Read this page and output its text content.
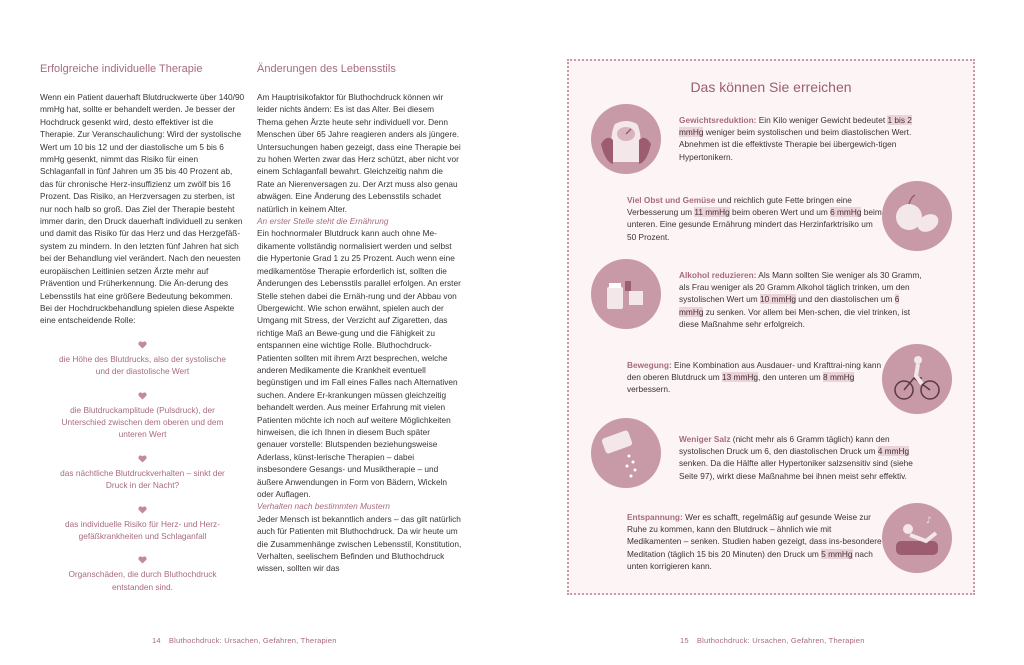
Erfolgreiche individuelle Therapie

Wenn ein Patient dauerhaft Blutdruckwerte über 140/90 mmHg hat, sollte er behandelt werden. Je besser der Hochdruck gesenkt wird, desto effektiver ist die Therapie. Zur Veranschaulichung: Wird der systolische Wert um 10 bis 12 und der diastolische um 5 bis 6 mmHg gesenkt, nimmt das Risiko für einen Schlaganfall in fünf Jahren um 35 bis 40 Prozent ab, das für chronische Herz-insuffizienz um zwölf bis 16 Prozent. Das Risiko, an Herzversagen zu sterben, ist nur noch halb so groß. Das Ziel der Therapie besteht immer darin, den Druck dauerhaft individuell zu senken und damit das Risiko für das Herz und das Herzgefäß-system zu mindern. In den letzten fünf Jahren hat sich bei der Behandlung viel verändert. Nach den neuesten europäischen Leitlinien setzen Ärzte mehr auf Prävention und Früherkennung. Die Än-derung des Lebensstils hat eine größere Bedeutung bekommen. Bei der Hochdruckbehandlung spielen diese Aspekte eine entscheidende Rolle:

die Höhe des Blutdrucks, also der systolische
und der diastolische Wert
die Blutdruckamplitude (Pulsdruck), der
Unterschied zwischen dem oberen und dem
unteren Wert
das nächtliche Blutdruckverhalten – sinkt der
Druck in der Nacht?
das individuelle Risiko für Herz- und Herz-
gefäßkrankheiten und Schlaganfall
Organschäden, die durch Bluthochdruck
entstanden sind.
Änderungen des Lebensstils

Am Hauptrisikofaktor für Bluthochdruck können wir leider nichts ändern: Es ist das Alter. Bei diesem Thema gehen Ärzte heute sehr individuell vor. Denn Menschen über 65 Jahre reagieren anders als jüngere. Untersuchungen haben gezeigt, dass eine Therapie bei zu hohen Werten zwar das Herz schützt, aber nicht vor einem Schlaganfall bewahrt. Gleichzeitig nahm die Rate an Nierenversagen zu. Der Arzt muss also genau abwägen. Eine Änderung des Lebensstils schadet natürlich in keinem Alter.

An erster Stelle steht die Ernährung

Ein hochnormaler Blutdruck kann auch ohne Me-dikamente vollständig normalisiert werden und selbst die Hypertonie Grad 1 zu 25 Prozent. Auch wenn eine medikamentöse Therapie erforderlich ist, sollten die Änderungen des Lebensstils parallel erfolgen. An erster Stelle stehen dabei die Ernäh-rung und der Abbau von Übergewicht. Wie schon erwähnt, spielen auch der Umgang mit Stress, der Verzicht auf Zigaretten, das richtige Maß an Bewe-gung und die Fähigkeit zu entspannen eine wichtige Rolle. Bluthochdruck-Patienten sollten mit ihrem Arzt besprechen, welche anderen Medikamente die Krankheit eventuell begünstigen und im Fall eines Falles nach Alternativen suchen. Andere Er-krankungen müssen gleichzeitig behandelt werden. Aus meiner Erfahrung mit vielen Patienten möchte ich noch auf weitere Möglichkeiten hinweisen, die ich Ihnen in diesem Buch später genauer vorstelle: Blutspenden beziehungsweise Aderlass, künst-lerische Therapien – dabei insbesondere Gesangs- und Musiktherapie – und äußere Anwendungen in Form von Bädern, Wickeln oder Auflagen.

Verhalten nach bestimmten Mustern

Jeder Mensch ist bekanntlich anders – das gilt natürlich auch für Patienten mit Bluthochdruck. Da wir heute um die Zusammenhänge zwischen Lebensstil, Konstitution, Verhalten, seelischem Befinden und Bluthochdruck wissen, sollten wir das

14 Bluthochdruck: Ursachen, Gefahren, Therapien
Das können Sie erreichen
Gewichtsreduktion: Ein Kilo weniger Gewicht bedeutet 1 bis 2 mmHg weniger beim systolischen und beim diastolischen Wert. Abnehmen ist die effektivste Therapie bei übergewich-tigen Hypertonikern.
Viel Obst und Gemüse und reichlich gute Fette bringen eine Verbesserung um 11 mmHg beim oberen Wert und um 6 mmHg beim unteren. Eine gesunde Ernährung mindert das Herzinfarktrisiko um 50 Prozent.
Alkohol reduzieren: Als Mann sollten Sie weniger als 30 Gramm, als Frau weniger als 20 Gramm Alkohol täglich trinken, um den systolischen Wert um 10 mmHg und den diastolischen um 6 mmHg zu senken. Vor allem bei Men-schen, die viel trinken, ist diese Maßnahme sehr erfolgreich.
Bewegung: Eine Kombination aus Ausdauer- und Krafttrai-ning kann den oberen Blutdruck um 13 mmHg, den unteren um 8 mmHg verbessern.
Weniger Salz (nicht mehr als 6 Gramm täglich) kann den systolischen Druck um 6, den diastolischen Druck um 4 mmHg senken. Da die Hälfte aller Hypertoniker salzsensitiv sind (siehe Seite 97), wirkt diese Maßnahme bei ihnen meist sehr effektiv.
Entspannung: Wer es schafft, regelmäßig auf gesunde Weise zur Ruhe zu kommen, kann den Blutdruck – ähnlich wie mit Medikamenten – senken. Studien haben gezeigt, dass ins-besondere Meditation (täglich 15 bis 20 Minuten) den Druck um 5 mmHg nach unten korrigieren kann.
♪
15 Bluthochdruck: Ursachen, Gefahren, Therapien
